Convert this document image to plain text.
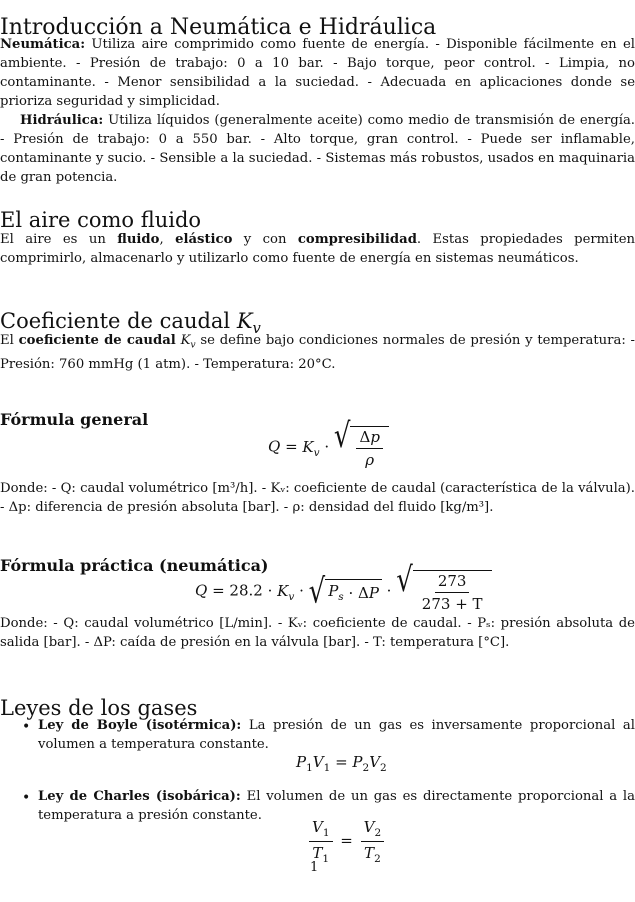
Introducción a Neumática e Hidráulica

Neumática: Utiliza aire comprimido como fuente de energía. - Disponible fácilmente en el ambiente. - Presión de trabajo: 0 a 10 bar. - Bajo torque, peor control. - Limpia, no contaminante. - Menor sensibilidad a la suciedad. - Adecuada en aplicaciones donde se prioriza seguridad y simplicidad.

Hidráulica: Utiliza líquidos (generalmente aceite) como medio de transmisión de energía. - Presión de trabajo: 0 a 550 bar. - Alto torque, gran control. - Puede ser inflamable, contaminante y sucio. - Sensible a la suciedad. - Sistemas más robustos, usados en maquinaria de gran potencia.

El aire como fluido

El aire es un fluido, elástico y con compresibilidad. Estas propiedades permiten comprimirlo, almacenarlo y utilizarlo como fuente de energía en sistemas neumáticos.

Coeficiente de caudal $K_v$

El coeficiente de caudal $K_v$ se define bajo condiciones normales de presión y temperatura: - Presión: 760 mmHg (1 atm). - Temperatura: 20°C.

Fórmula general
$Q = K_v$ · √ Δp
ρ

Donde: - Q: caudal volumétrico [m³/h]. - Kᵥ: coeficiente de caudal (característica de la válvula). - Δp: diferencia de presión absoluta [bar]. - ρ: densidad del fluido [kg/m³].

Fórmula práctica (neumática)
$Q = 28.2 \cdot K_v$ · √ $P_s \cdot \Delta$ P · √ 273
273 + T

Donde: - Q: caudal volumétrico [L/min]. - Kᵥ: coeficiente de caudal. - Pₛ: presión absoluta de salida [bar]. - ΔP: caída de presión en la válvula [bar]. - T: temperatura [°C].

Leyes de los gases
• Ley de Boyle (isotérmica): La presión de un gas es inversamente proporcional al volumen a temperatura constante.

$P_1V_1 = P_2V_2$
• Ley de Charles (isobárica): El volumen de un gas es directamente proporcional a la temperatura a presión constante.

$\frac{V_1}{T_1} = \frac{V_2}{T_2}$
1
